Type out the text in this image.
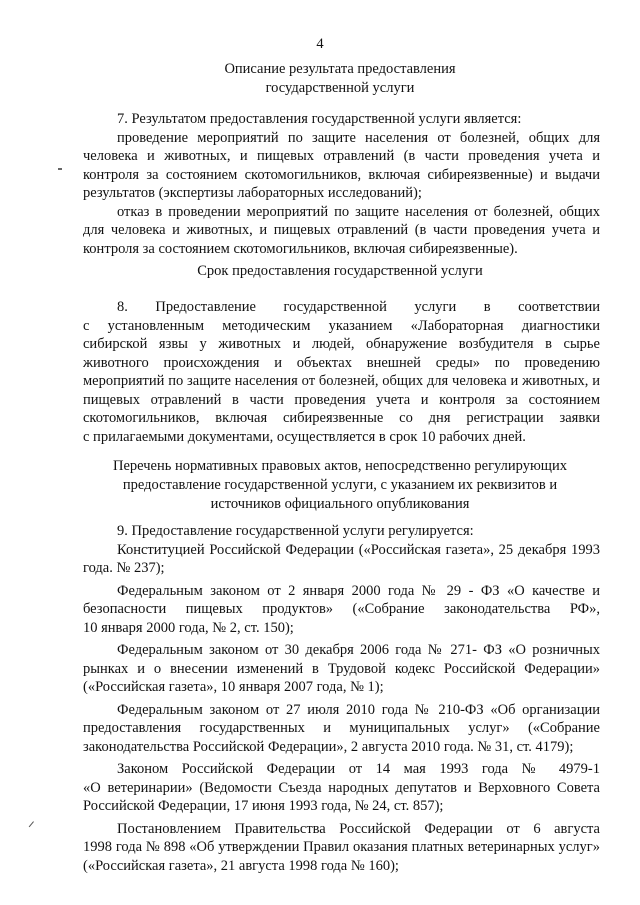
4

Описание результата предоставления
государственной услуги
7. Результатом предоставления государственной услуги является:
проведение мероприятий по защите населения от болезней, общих для
человека и животных, и пищевых отравлений (в части проведения учета и
контроля за состоянием скотомогильников, включая сибиреязвенные) и выдачи
результатов (экспертизы лабораторных исследований);
отказ в проведении мероприятий по защите населения от болезней, общих
для человека и животных, и пищевых отравлений (в части проведения учета и
контроля за состоянием скотомогильников, включая сибиреязвенные).
Срок предоставления государственной услуги
8. Предоставление государственной услуги в соответствии
с установленным методическим указанием «Лабораторная диагностики
сибирской язвы у животных и людей, обнаружение возбудителя в сырье
животного происхождения и объектах внешней среды» по проведению
мероприятий по защите населения от болезней, общих для человека и животных, и
пищевых отравлений в части проведения учета и контроля за состоянием
скотомогильников, включая сибиреязвенные со дня регистрации заявки
с прилагаемыми документами, осуществляется в срок 10 рабочих дней.
Перечень нормативных правовых актов, непосредственно регулирующих
предоставление государственной услуги, с указанием их реквизитов и
источников официального опубликования
9. Предоставление государственной услуги регулируется:
Конституцией Российской Федерации («Российская газета», 25 декабря 1993
года. № 237);
Федеральным законом от 2 января 2000 года № 29 - ФЗ «О качестве и
безопасности пищевых продуктов» («Собрание законодательства РФ»,
10 января 2000 года, № 2, ст. 150);
Федеральным законом от 30 декабря 2006 года № 271- ФЗ «О розничных
рынках и о внесении изменений в Трудовой кодекс Российской Федерации»
(«Российская газета», 10 января 2007 года, № 1);
Федеральным законом от 27 июля 2010 года № 210-ФЗ «Об организации
предоставления государственных и муниципальных услуг» («Собрание
законодательства Российской Федерации», 2 августа 2010 года. № 31, ст. 4179);
Законом Российской Федерации от 14 мая 1993 года № 4979-1
«О ветеринарии» (Ведомости Съезда народных депутатов и Верховного Совета
Российской Федерации, 17 июня 1993 года, № 24, ст. 857);
Постановлением Правительства Российской Федерации от 6 августа
1998 года № 898 «Об утверждении Правил оказания платных ветеринарных услуг»
(«Российская газета», 21 августа 1998 года № 160);
